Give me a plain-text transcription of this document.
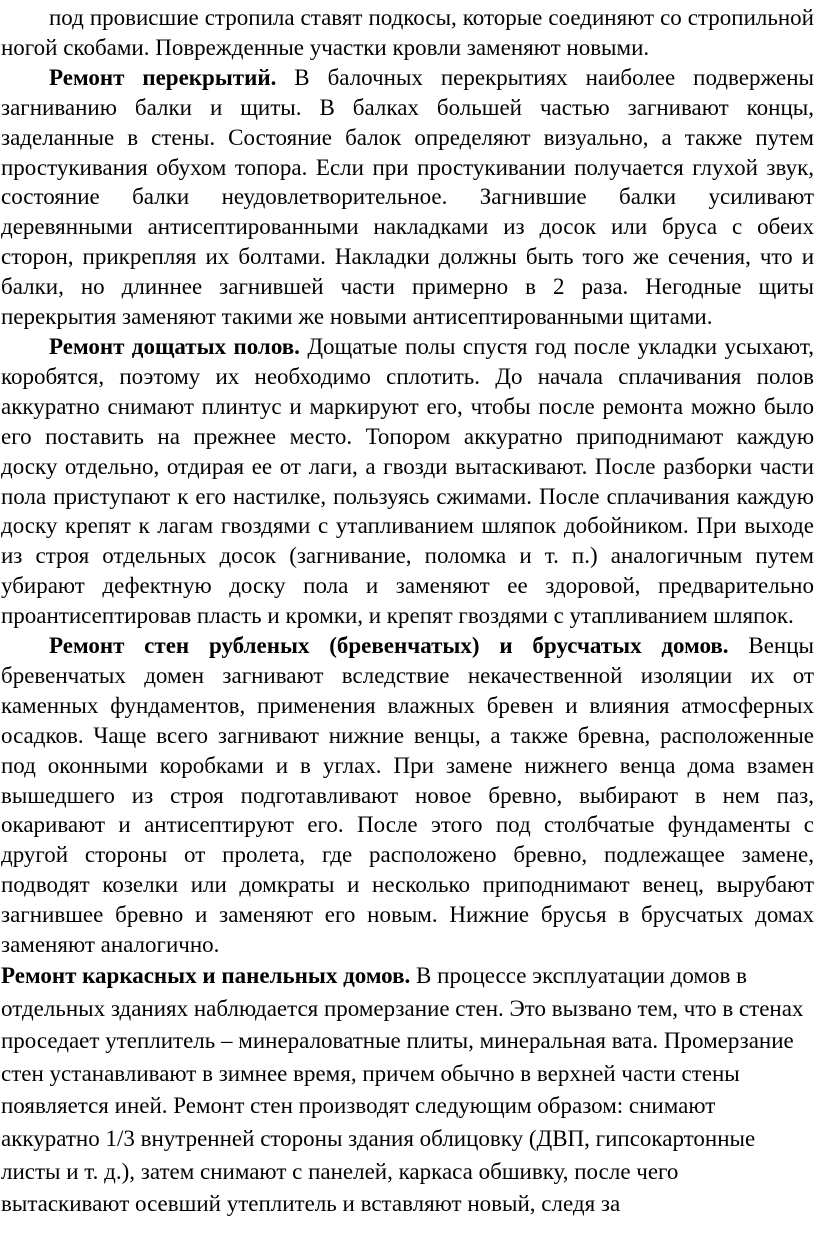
под провисшие стропила ставят подкосы, которые соединяют со стропильной ногой скобами. Поврежденные участки кровли заменяют новыми.

Ремонт перекрытий. В балочных перекрытиях наиболее подвержены загниванию балки и щиты. В балках большей частью загнивают концы, заделанные в стены. Состояние балок определяют визуально, а также путем простукивания обухом топора. Если при простукивании получается глухой звук, состояние балки неудовлетворительное. Загнившие балки усиливают деревянными антисептированными накладками из досок или бруса с обеих сторон, прикрепляя их болтами. Накладки должны быть того же сечения, что и балки, но длиннее загнившей части примерно в 2 раза. Негодные щиты перекрытия заменяют такими же новыми антисептированными щитами.

Ремонт дощатых полов. Дощатые полы спустя год после укладки усыхают, коробятся, поэтому их необходимо сплотить. До начала сплачивания полов аккуратно снимают плинтус и маркируют его, чтобы после ремонта можно было его поставить на прежнее место. Топором аккуратно приподнимают каждую доску отдельно, отдирая ее от лаги, а гвозди вытаскивают. После разборки части пола приступают к его настилке, пользуясь сжимами. После сплачивания каждую доску крепят к лагам гвоздями с утапливанием шляпок добойником. При выходе из строя отдельных досок (загнивание, поломка и т. п.) аналогичным путем убирают дефектную доску пола и заменяют ее здоровой, предварительно проантисептировав пласть и кромки, и крепят гвоздями с утапливанием шляпок.

Ремонт стен рубленых (бревенчатых) и брусчатых домов. Венцы бревенчатых домен загнивают вследствие некачественной изоляции их от каменных фундаментов, применения влажных бревен и влияния атмосферных осадков. Чаще всего загнивают нижние венцы, а также бревна, расположенные под оконными коробками и в углах. При замене нижнего венца дома взамен вышедшего из строя подготавливают новое бревно, выбирают в нем паз, окаривают и антисептируют его. После этого под столбчатые фундаменты с другой стороны от пролета, где расположено бревно, подлежащее замене, подводят козелки или домкраты и несколько приподнимают венец, вырубают загнившее бревно и заменяют его новым. Нижние брусья в брусчатых домах заменяют аналогично.

Ремонт каркасных и панельных домов. В процессе эксплуатации домов в отдельных зданиях наблюдается промерзание стен. Это вызвано тем, что в стенах проседает утеплитель – минераловатные плиты, минеральная вата. Промерзание стен устанавливают в зимнее время, причем обычно в верхней части стены появляется иней. Ремонт стен производят следующим образом: снимают аккуратно 1/3 внутренней стороны здания облицовку (ДВП, гипсокартонные листы и т. д.), затем снимают с панелей, каркаса обшивку, после чего вытаскивают осевший утеплитель и вставляют новый, следя за
